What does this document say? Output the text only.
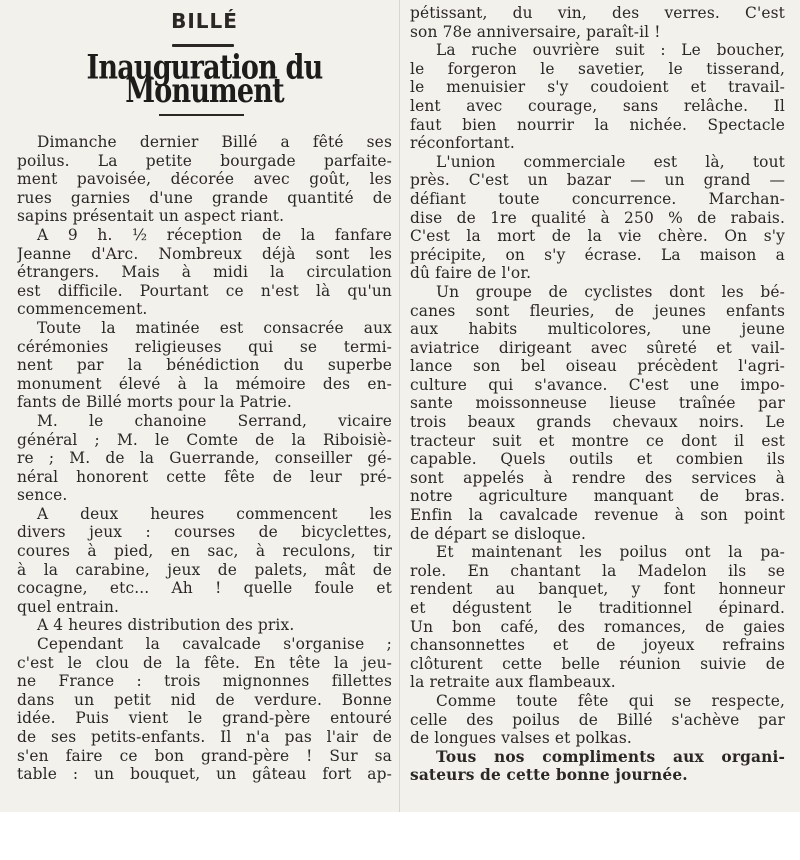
BILLÉ
Inauguration du Monument
Dimanche dernier Billé a fêté ses
poilus. La petite bourgade parfaite-
ment pavoisée, décorée avec goût, les
rues garnies d'une grande quantité de
sapins présentait un aspect riant.
A 9 h. ½ réception de la fanfare
Jeanne d'Arc. Nombreux déjà sont les
étrangers. Mais à midi la circulation
est difficile. Pourtant ce n'est là qu'un
commencement.
Toute la matinée est consacrée aux
cérémonies religieuses qui se termi-
nent par la bénédiction du superbe
monument élevé à la mémoire des en-
fants de Billé morts pour la Patrie.
M. le chanoine Serrand, vicaire
général ; M. le Comte de la Riboisiè-
re ; M. de la Guerrande, conseiller gé-
néral honorent cette fête de leur pré-
sence.
A deux heures commencent les
divers jeux : courses de bicyclettes,
coures à pied, en sac, à reculons, tir
à la carabine, jeux de palets, mât de
cocagne, etc... Ah ! quelle foule et
quel entrain.
A 4 heures distribution des prix.
Cependant la cavalcade s'organise ;
c'est le clou de la fête. En tête la jeu-
ne France : trois mignonnes fillettes
dans un petit nid de verdure. Bonne
idée. Puis vient le grand-père entouré
de ses petits-enfants. Il n'a pas l'air de
s'en faire ce bon grand-père ! Sur sa
table : un bouquet, un gâteau fort ap-
pétissant, du vin, des verres. C'est
son 78e anniversaire, paraît-il !
La ruche ouvrière suit : Le boucher,
le forgeron le savetier, le tisserand,
le menuisier s'y coudoient et travail-
lent avec courage, sans relâche. Il
faut bien nourrir la nichée. Spectacle
réconfortant.
L'union commerciale est là, tout
près. C'est un bazar — un grand —
défiant toute concurrence. Marchan-
dise de 1re qualité à 250 % de rabais.
C'est la mort de la vie chère. On s'y
précipite, on s'y écrase. La maison a
dû faire de l'or.
Un groupe de cyclistes dont les bé-
canes sont fleuries, de jeunes enfants
aux habits multicolores, une jeune
aviatrice dirigeant avec sûreté et vail-
lance son bel oiseau précèdent l'agri-
culture qui s'avance. C'est une impo-
sante moissonneuse lieuse traînée par
trois beaux grands chevaux noirs. Le
tracteur suit et montre ce dont il est
capable. Quels outils et combien ils
sont appelés à rendre des services à
notre agriculture manquant de bras.
Enfin la cavalcade revenue à son point
de départ se disloque.
Et maintenant les poilus ont la pa-
role. En chantant la Madelon ils se
rendent au banquet, y font honneur
et dégustent le traditionnel épinard.
Un bon café, des romances, de gaies
chansonnettes et de joyeux refrains
clôturent cette belle réunion suivie de
la retraite aux flambeaux.
Comme toute fête qui se respecte,
celle des poilus de Billé s'achève par
de longues valses et polkas.
Tous nos compliments aux organi-
sateurs de cette bonne journée.
